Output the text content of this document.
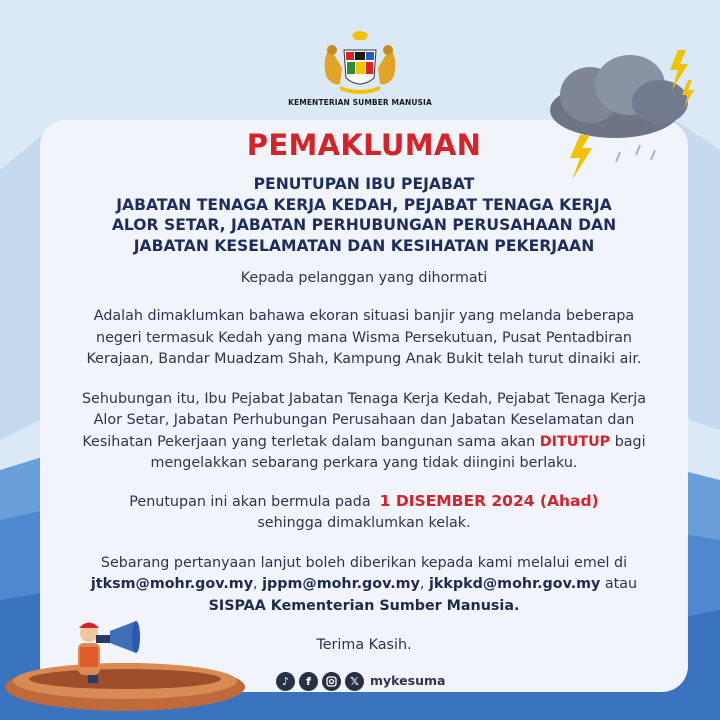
KEMENTERIAN SUMBER MANUSIA
PEMAKLUMAN
PENUTUPAN IBU PEJABAT
JABATAN TENAGA KERJA KEDAH, PEJABAT TENAGA KERJA
ALOR SETAR, JABATAN PERHUBUNGAN PERUSAHAAN DAN
JABATAN KESELAMATAN DAN KESIHATAN PEKERJAAN

Kepada pelanggan yang dihormati

Adalah dimaklumkan bahawa ekoran situasi banjir yang melanda beberapa negeri termasuk Kedah yang mana Wisma Persekutuan, Pusat Pentadbiran Kerajaan, Bandar Muadzam Shah, Kampung Anak Bukit telah turut dinaiki air.

Sehubungan itu, Ibu Pejabat Jabatan Tenaga Kerja Kedah, Pejabat Tenaga Kerja Alor Setar, Jabatan Perhubungan Perusahaan dan Jabatan Keselamatan dan Kesihatan Pekerjaan yang terletak dalam bangunan sama akan DITUTUP bagi mengelakkan sebarang perkara yang tidak diingini berlaku.

Penutupan ini akan bermula pada 1 DISEMBER 2024 (Ahad)
sehingga dimaklumkan kelak.

Sebarang pertanyaan lanjut boleh diberikan kepada kami melalui emel di
jtksm@mohr.gov.my, jppm@mohr.gov.my, jkkpkd@mohr.gov.my atau
SISPAA Kementerian Sumber Manusia.

Terima Kasih.
♪	f	𝕏 mykesuma
